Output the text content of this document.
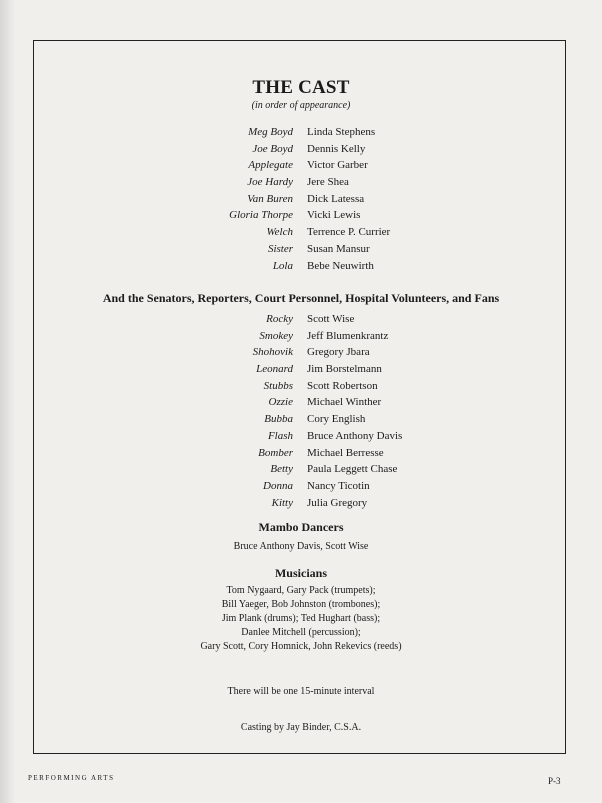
THE CAST
(in order of appearance)
Meg Boyd Linda Stephens
Joe Boyd Dennis Kelly
Applegate Victor Garber
Joe Hardy Jere Shea
Van Buren Dick Latessa
Gloria Thorpe Vicki Lewis
Welch Terrence P. Currier
Sister Susan Mansur
Lola Bebe Neuwirth
And the Senators, Reporters, Court Personnel, Hospital Volunteers, and Fans
Rocky Scott Wise
Smokey Jeff Blumenkrantz
Shohovik Gregory Jbara
Leonard Jim Borstelmann
Stubbs Scott Robertson
Ozzie Michael Winther
Bubba Cory English
Flash Bruce Anthony Davis
Bomber Michael Berresse
Betty Paula Leggett Chase
Donna Nancy Ticotin
Kitty Julia Gregory
Mambo Dancers
Bruce Anthony Davis, Scott Wise
Musicians
Tom Nygaard, Gary Pack (trumpets);
Bill Yaeger, Bob Johnston (trombones);
Jim Plank (drums); Ted Hughart (bass);
Danlee Mitchell (percussion);
Gary Scott, Cory Homnick, John Rekevics (reeds)
There will be one 15-minute interval
Casting by Jay Binder, C.S.A.
PERFORMING ARTS	P-3
